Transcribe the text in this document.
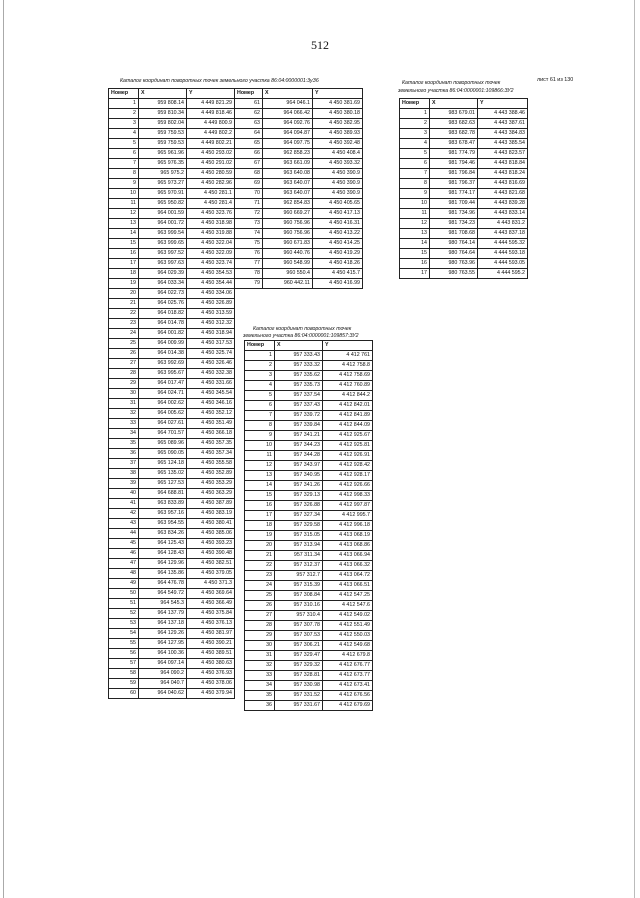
512
Каталог координат поворотных точек земельного участка 86:04:0000001:3уЗ6	Каталог координат поворотных точек
земельного участка 86:04:0000001:109866:ЗУ2
лист 61 из 130
Каталог координат поворотных точек
земельного участка 86:04:0000001:109857:ЗУ2
Номер	X	Y
1	959 808.14	4 449 821.29
2	959 810.34	4 449 818.46
3	959 802.04	4 449 800.9
4	959 759.53	4 449 802.2
5	959 759.53	4 449 802.21
6	965 961.96	4 450 293.02
7	965 976.35	4 450 291.02
8	965 975.2	4 450 280.59
9	965 973.27	4 450 282.96
10	965 970.91	4 450 281.1
11	965 950.82	4 450 281.4
12	964 001.59	4 450 323.76
13	964 001.72	4 450 318.98
14	963 999.54	4 450 319.88
15	963 999.65	4 450 322.04
16	963 997.52	4 450 322.09
17	963 997.63	4 450 323.74
18	964 029.39	4 450 354.53
19	964 033.34	4 450 354.44
20	964 022.73	4 450 334.06
21	964 025.76	4 450 326.89
22	964 018.82	4 450 313.59
23	964 014.78	4 450 312.32
24	964 001.82	4 450 318.94
25	964 009.99	4 450 317.53
26	964 014.38	4 450 325.74
27	963 992.69	4 450 326.46
28	963 995.67	4 450 332.38
29	964 017.47	4 450 331.66
30	964 024.71	4 450 345.54
31	964 002.62	4 450 346.16
32	964 005.62	4 450 352.12
33	964 027.61	4 450 351.49
34	964 701.57	4 450 366.18
35	965 089.96	4 450 357.35
36	965 090.05	4 450 357.34
37	965 124.18	4 450 355.58
38	965 135.02	4 450 352.89
39	965 127.53	4 450 353.29
40	964 688.81	4 450 363.29
41	963 833.89	4 450 387.89
42	963 957.16	4 450 383.19
43	963 954.55	4 450 380.41
44	963 834.26	4 450 385.06
45	964 125.43	4 450 393.23
46	964 128.43	4 450 390.48
47	964 129.96	4 450 382.51
48	964 135.86	4 450 379.05
49	964 476.78	4 450 371.3
50	964 549.72	4 450 369.64
51	964 545.3	4 450 366.49
52	964 137.79	4 450 375.84
53	964 137.18	4 450 376.13
54	964 129.26	4 450 381.97
55	964 127.95	4 450 390.21
56	964 100.36	4 450 389.51
57	964 097.14	4 450 380.63
58	964 090.2	4 450 376.93
59	964 040.7	4 450 378.06
60	964 040.62	4 450 379.94
Номер	X	Y
61	964 046.1	4 450 381.69
62	964 066.42	4 450 380.18
63	964 092.76	4 450 382.95
64	964 094.87	4 450 389.93
65	964 097.75	4 450 392.48
66	962 858.23	4 450 408.4
67	963 661.09	4 450 393.32
68	963 640.08	4 450 390.9
69	963 640.07	4 450 390.9
70	963 640.07	4 450 390.9
71	962 854.83	4 450 405.65
72	960 669.27	4 450 417.13
73	960 756.96	4 450 416.31
74	960 756.96	4 450 413.22
75	960 671.83	4 450 414.25
76	960 440.76	4 450 419.29
77	960 548.99	4 450 418.26
78	960 550.4	4 450 415.7
79	960 442.11	4 450 416.99
Номер	X	Y
1	957 333.43	4 412 761
2	957 333.32	4 412 758.8
3	957 335.62	4 412 758.69
4	957 335.73	4 412 760.89
5	957 337.54	4 412 844.2
6	957 337.43	4 412 842.01
7	957 339.72	4 412 841.89
8	957 339.84	4 412 844.09
9	957 341.21	4 412 925.67
10	957 344.23	4 412 925.81
11	957 344.28	4 412 926.91
12	957 343.97	4 412 928.42
13	957 340.95	4 412 928.17
14	957 341.26	4 412 926.66
15	957 329.13	4 412 998.33
16	957 326.88	4 412 997.87
17	957 327.34	4 412 995.7
18	957 329.58	4 412 996.18
19	957 315.05	4 413 068.19
20	957 313.94	4 413 068.86
21	957 311.34	4 413 066.94
22	957 312.37	4 413 066.32
23	957 312.7	4 413 064.72
24	957 315.39	4 413 066.51
25	957 308.84	4 412 547.25
26	957 310.16	4 412 547.6
27	957 310.4	4 412 549.02
28	957 307.78	4 412 551.49
29	957 307.53	4 412 550.03
30	957 306.21	4 412 549.68
31	957 329.47	4 412 679.8
32	957 329.32	4 412 676.77
33	957 328.81	4 412 673.77
34	957 330.98	4 412 673.41
35	957 331.52	4 412 676.56
36	957 331.67	4 412 679.69
Номер	X	Y
1	983 679.01	4 443 388.46
2	983 682.63	4 443 387.61
3	983 682.78	4 443 384.83
4	983 678.47	4 443 385.54
5	981 774.79	4 443 823.57
6	981 794.46	4 443 818.84
7	981 796.84	4 443 818.24
8	981 796.37	4 443 816.69
9	981 774.17	4 443 821.68
10	981 709.44	4 443 839.28
11	981 734.96	4 443 833.14
12	981 734.23	4 443 831.2
13	981 708.68	4 443 837.18
14	980 764.14	4 444 595.32
15	980 764.64	4 444 593.18
16	980 763.96	4 444 593.05
17	980 763.55	4 444 595.2
